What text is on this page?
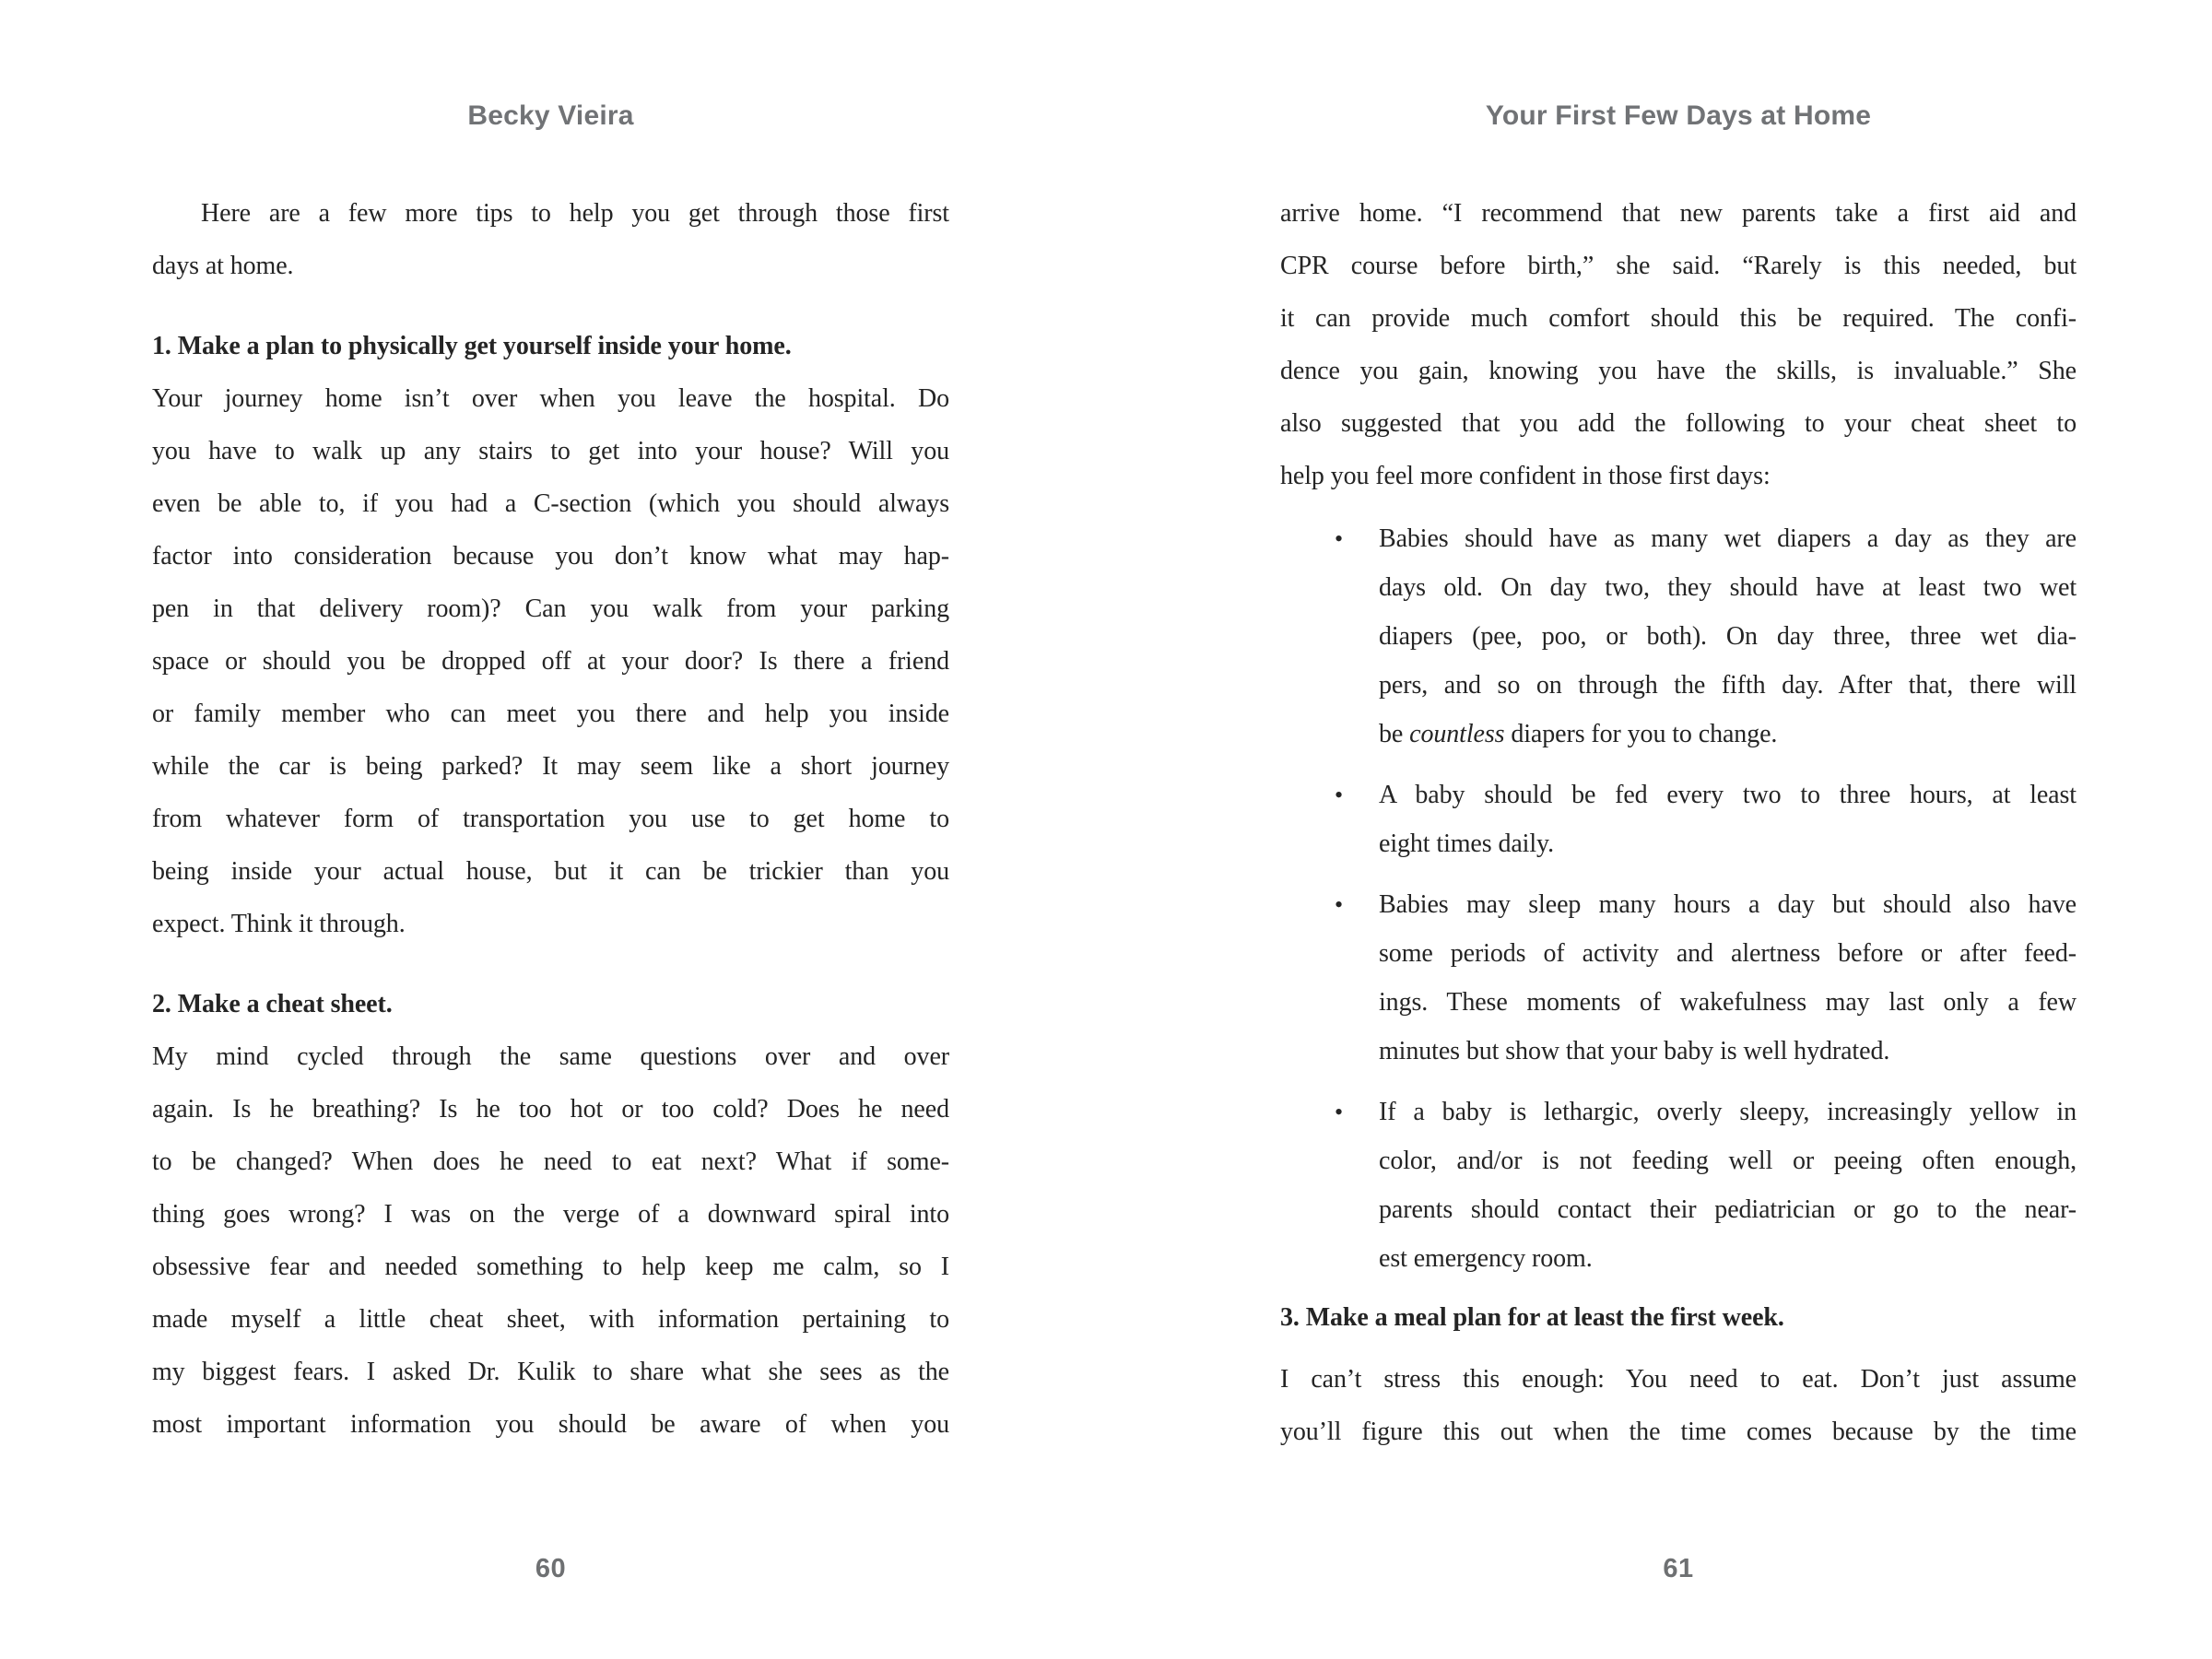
Becky Vieira
Here are a few more tips to help you get through those first
days at home.
1. Make a plan to physically get yourself inside your home.
Your journey home isn’t over when you leave the hospital. Do
you have to walk up any stairs to get into your house? Will you
even be able to, if you had a C-section (which you should always
factor into consideration because you don’t know what may hap-
pen in that delivery room)? Can you walk from your parking
space or should you be dropped off at your door? Is there a friend
or family member who can meet you there and help you inside
while the car is being parked? It may seem like a short journey
from whatever form of transportation you use to get home to
being inside your actual house, but it can be trickier than you
expect. Think it through.
2. Make a cheat sheet.
My mind cycled through the same questions over and over
again. Is he breathing? Is he too hot or too cold? Does he need
to be changed? When does he need to eat next? What if some-
thing goes wrong? I was on the verge of a downward spiral into
obsessive fear and needed something to help keep me calm, so I
made myself a little cheat sheet, with information pertaining to
my biggest fears. I asked Dr. Kulik to share what she sees as the
most important information you should be aware of when you
60
Your First Few Days at Home
arrive home. “I recommend that new parents take a first aid and
CPR course before birth,” she said. “Rarely is this needed, but
it can provide much comfort should this be required. The confi-
dence you gain, knowing you have the skills, is invaluable.” She
also suggested that you add the following to your cheat sheet to
help you feel more confident in those first days:
• Babies should have as many wet diapers a day as they are
days old. On day two, they should have at least two wet
diapers (pee, poo, or both). On day three, three wet dia-
pers, and so on through the fifth day. After that, there will
be countless diapers for you to change.
• A baby should be fed every two to three hours, at least
eight times daily.
• Babies may sleep many hours a day but should also have
some periods of activity and alertness before or after feed-
ings. These moments of wakefulness may last only a few
minutes but show that your baby is well hydrated.
• If a baby is lethargic, overly sleepy, increasingly yellow in
color, and/or is not feeding well or peeing often enough,
parents should contact their pediatrician or go to the near-
est emergency room.
3. Make a meal plan for at least the first week.
I can’t stress this enough: You need to eat. Don’t just assume
you’ll figure this out when the time comes because by the time
61
